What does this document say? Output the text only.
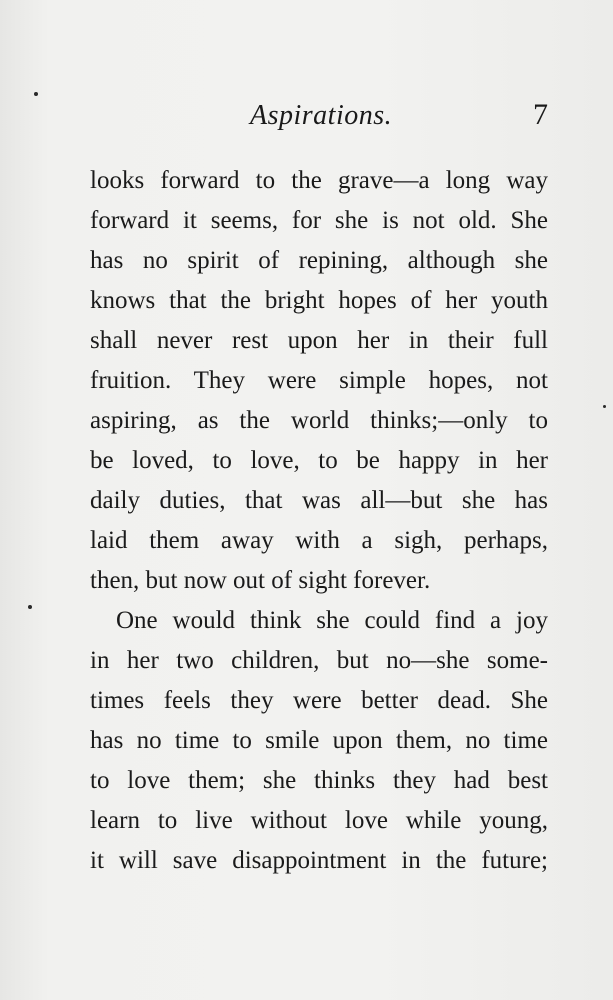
Aspirations.	7
looks forward to the grave—a long way
forward it seems, for she is not old. She
has no spirit of repining, although she
knows that the bright hopes of her youth
shall never rest upon her in their full
fruition. They were simple hopes, not
aspiring, as the world thinks;—only to
be loved, to love, to be happy in her
daily duties, that was all—but she has
laid them away with a sigh, perhaps,
then, but now out of sight forever.
One would think she could find a joy
in her two children, but no—she some-
times feels they were better dead. She
has no time to smile upon them, no time
to love them; she thinks they had best
learn to live without love while young,
it will save disappointment in the future;
